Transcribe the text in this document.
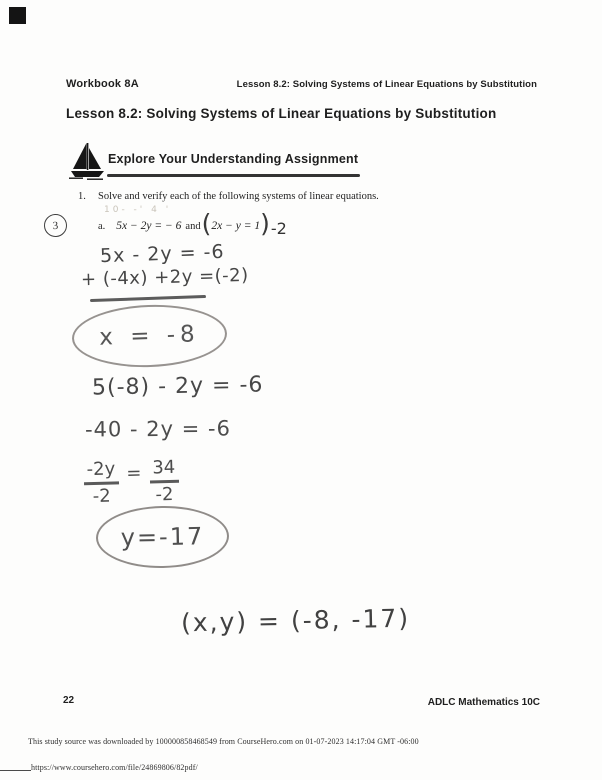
Workbook 8A	Lesson 8.2: Solving Systems of Linear Equations by Substitution
Lesson 8.2: Solving Systems of Linear Equations by Substitution
Explore Your Understanding Assignment
1. Solve and verify each of the following systems of linear equations.
10- -' 4 '
3	a. 5x − 2y = − 6 and ( 2x − y = 1 ) -2
5x - 2y = -6
+ (-4x) +2y =(-2)
x = -8
5(-8) - 2y = -6
-40 - 2y = -6
$\frac{-2y}{-2} = \frac{34}{-2}$
y=-17
(x,y) = (-8, -17)
22	ADLC Mathematics 10C
This study source was downloaded by 100000858468549 from CourseHero.com on 01-07-2023 14:17:04 GMT -06:00
https://www.coursehero.com/file/24869806/82pdf/
